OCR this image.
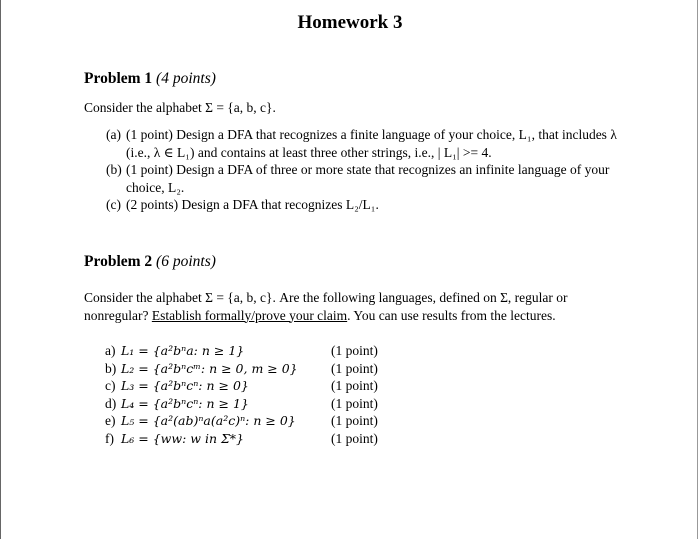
Homework 3
Problem 1 (4 points)
Consider the alphabet Σ = {a, b, c}.
(a) (1 point) Design a DFA that recognizes a finite language of your choice, L₁, that includes λ (i.e., λ ∈ L₁) and contains at least three other strings, i.e., | L₁| >= 4.
(b) (1 point) Design a DFA of three or more state that recognizes an infinite language of your choice, L₂.
(c) (2 points) Design a DFA that recognizes L₂/L₁.
Problem 2 (6 points)
Consider the alphabet Σ = {a, b, c}. Are the following languages, defined on Σ, regular or nonregular? Establish formally/prove your claim. You can use results from the lectures.
a) L₁ = {a²bⁿa: n ≥ 1}	(1 point)
b) L₂ = {a²bⁿcᵐ: n ≥ 0, m ≥ 0}	(1 point)
c) L₃ = {a²bⁿcⁿ: n ≥ 0}	(1 point)
d) L₄ = {a²bⁿcⁿ: n ≥ 1}	(1 point)
e) L₅ = {a²(ab)ⁿa(a²c)ⁿ: n ≥ 0}	(1 point)
f) L₆ = {ww: w in Σ*}	(1 point)
